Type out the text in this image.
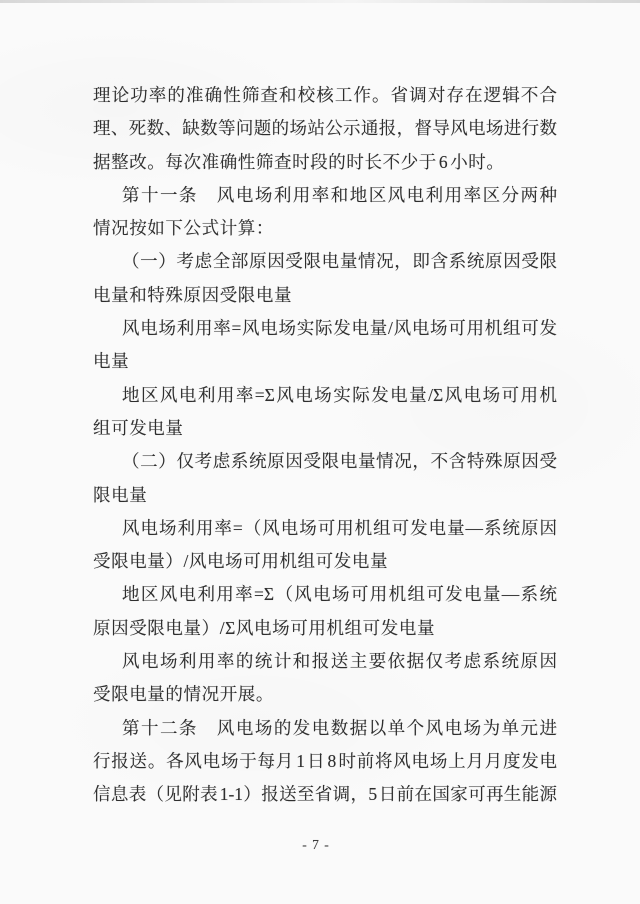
理论功率的准确性筛查和校核工作。省调对存在逻辑不合
理、死数、缺数等问题的场站公示通报，督导风电场进行数
据整改。每次准确性筛查时段的时长不少于 6 小时。
第十一条　风电场利用率和地区风电利用率区分两种
情况按如下公式计算：
（一）考虑全部原因受限电量情况，即含系统原因受限
电量和特殊原因受限电量
风电场利用率=风电场实际发电量/风电场可用机组可发
电量
地区风电利用率=Σ风电场实际发电量/Σ风电场可用机
组可发电量
（二）仅考虑系统原因受限电量情况，不含特殊原因受
限电量
风电场利用率=（风电场可用机组可发电量—系统原因
受限电量）/风电场可用机组可发电量
地区风电利用率=Σ（风电场可用机组可发电量—系统
原因受限电量）/Σ风电场可用机组可发电量
风电场利用率的统计和报送主要依据仅考虑系统原因
受限电量的情况开展。
第十二条　风电场的发电数据以单个风电场为单元进
行报送。各风电场于每月 1 日 8 时前将风电场上月月度发电
信息表（见附表 1-1）报送至省调，5 日前在国家可再生能源
- 7 -
